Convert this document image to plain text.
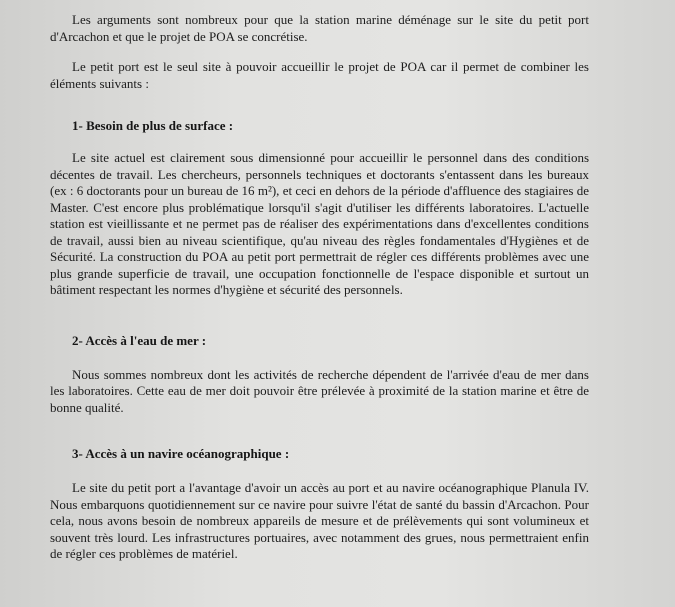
Les arguments sont nombreux pour que la station marine déménage sur le site du petit port d'Arcachon et que le projet de POA se concrétise.

Le petit port est le seul site à pouvoir accueillir le projet de POA car il permet de combiner les éléments suivants :

1- Besoin de plus de surface :

Le site actuel est clairement sous dimensionné pour accueillir le personnel dans des conditions décentes de travail. Les chercheurs, personnels techniques et doctorants s'entassent dans les bureaux (ex : 6 doctorants pour un bureau de 16 m²), et ceci en dehors de la période d'affluence des stagiaires de Master. C'est encore plus problématique lorsqu'il s'agit d'utiliser les différents laboratoires. L'actuelle station est vieillissante et ne permet pas de réaliser des expérimentations dans d'excellentes conditions de travail, aussi bien au niveau scientifique, qu'au niveau des règles fondamentales d'Hygiènes et de Sécurité. La construction du POA au petit port permettrait de régler ces différents problèmes avec une plus grande superficie de travail, une occupation fonctionnelle de l'espace disponible et surtout un bâtiment respectant les normes d'hygiène et sécurité des personnels.

2- Accès à l'eau de mer :

Nous sommes nombreux dont les activités de recherche dépendent de l'arrivée d'eau de mer dans les laboratoires. Cette eau de mer doit pouvoir être prélevée à proximité de la station marine et être de bonne qualité.

3- Accès à un navire océanographique :

Le site du petit port a l'avantage d'avoir un accès au port et au navire océanographique Planula IV. Nous embarquons quotidiennement sur ce navire pour suivre l'état de santé du bassin d'Arcachon. Pour cela, nous avons besoin de nombreux appareils de mesure et de prélèvements qui sont volumineux et souvent très lourd. Les infrastructures portuaires, avec notamment des grues, nous permettraient enfin de régler ces problèmes de matériel.
